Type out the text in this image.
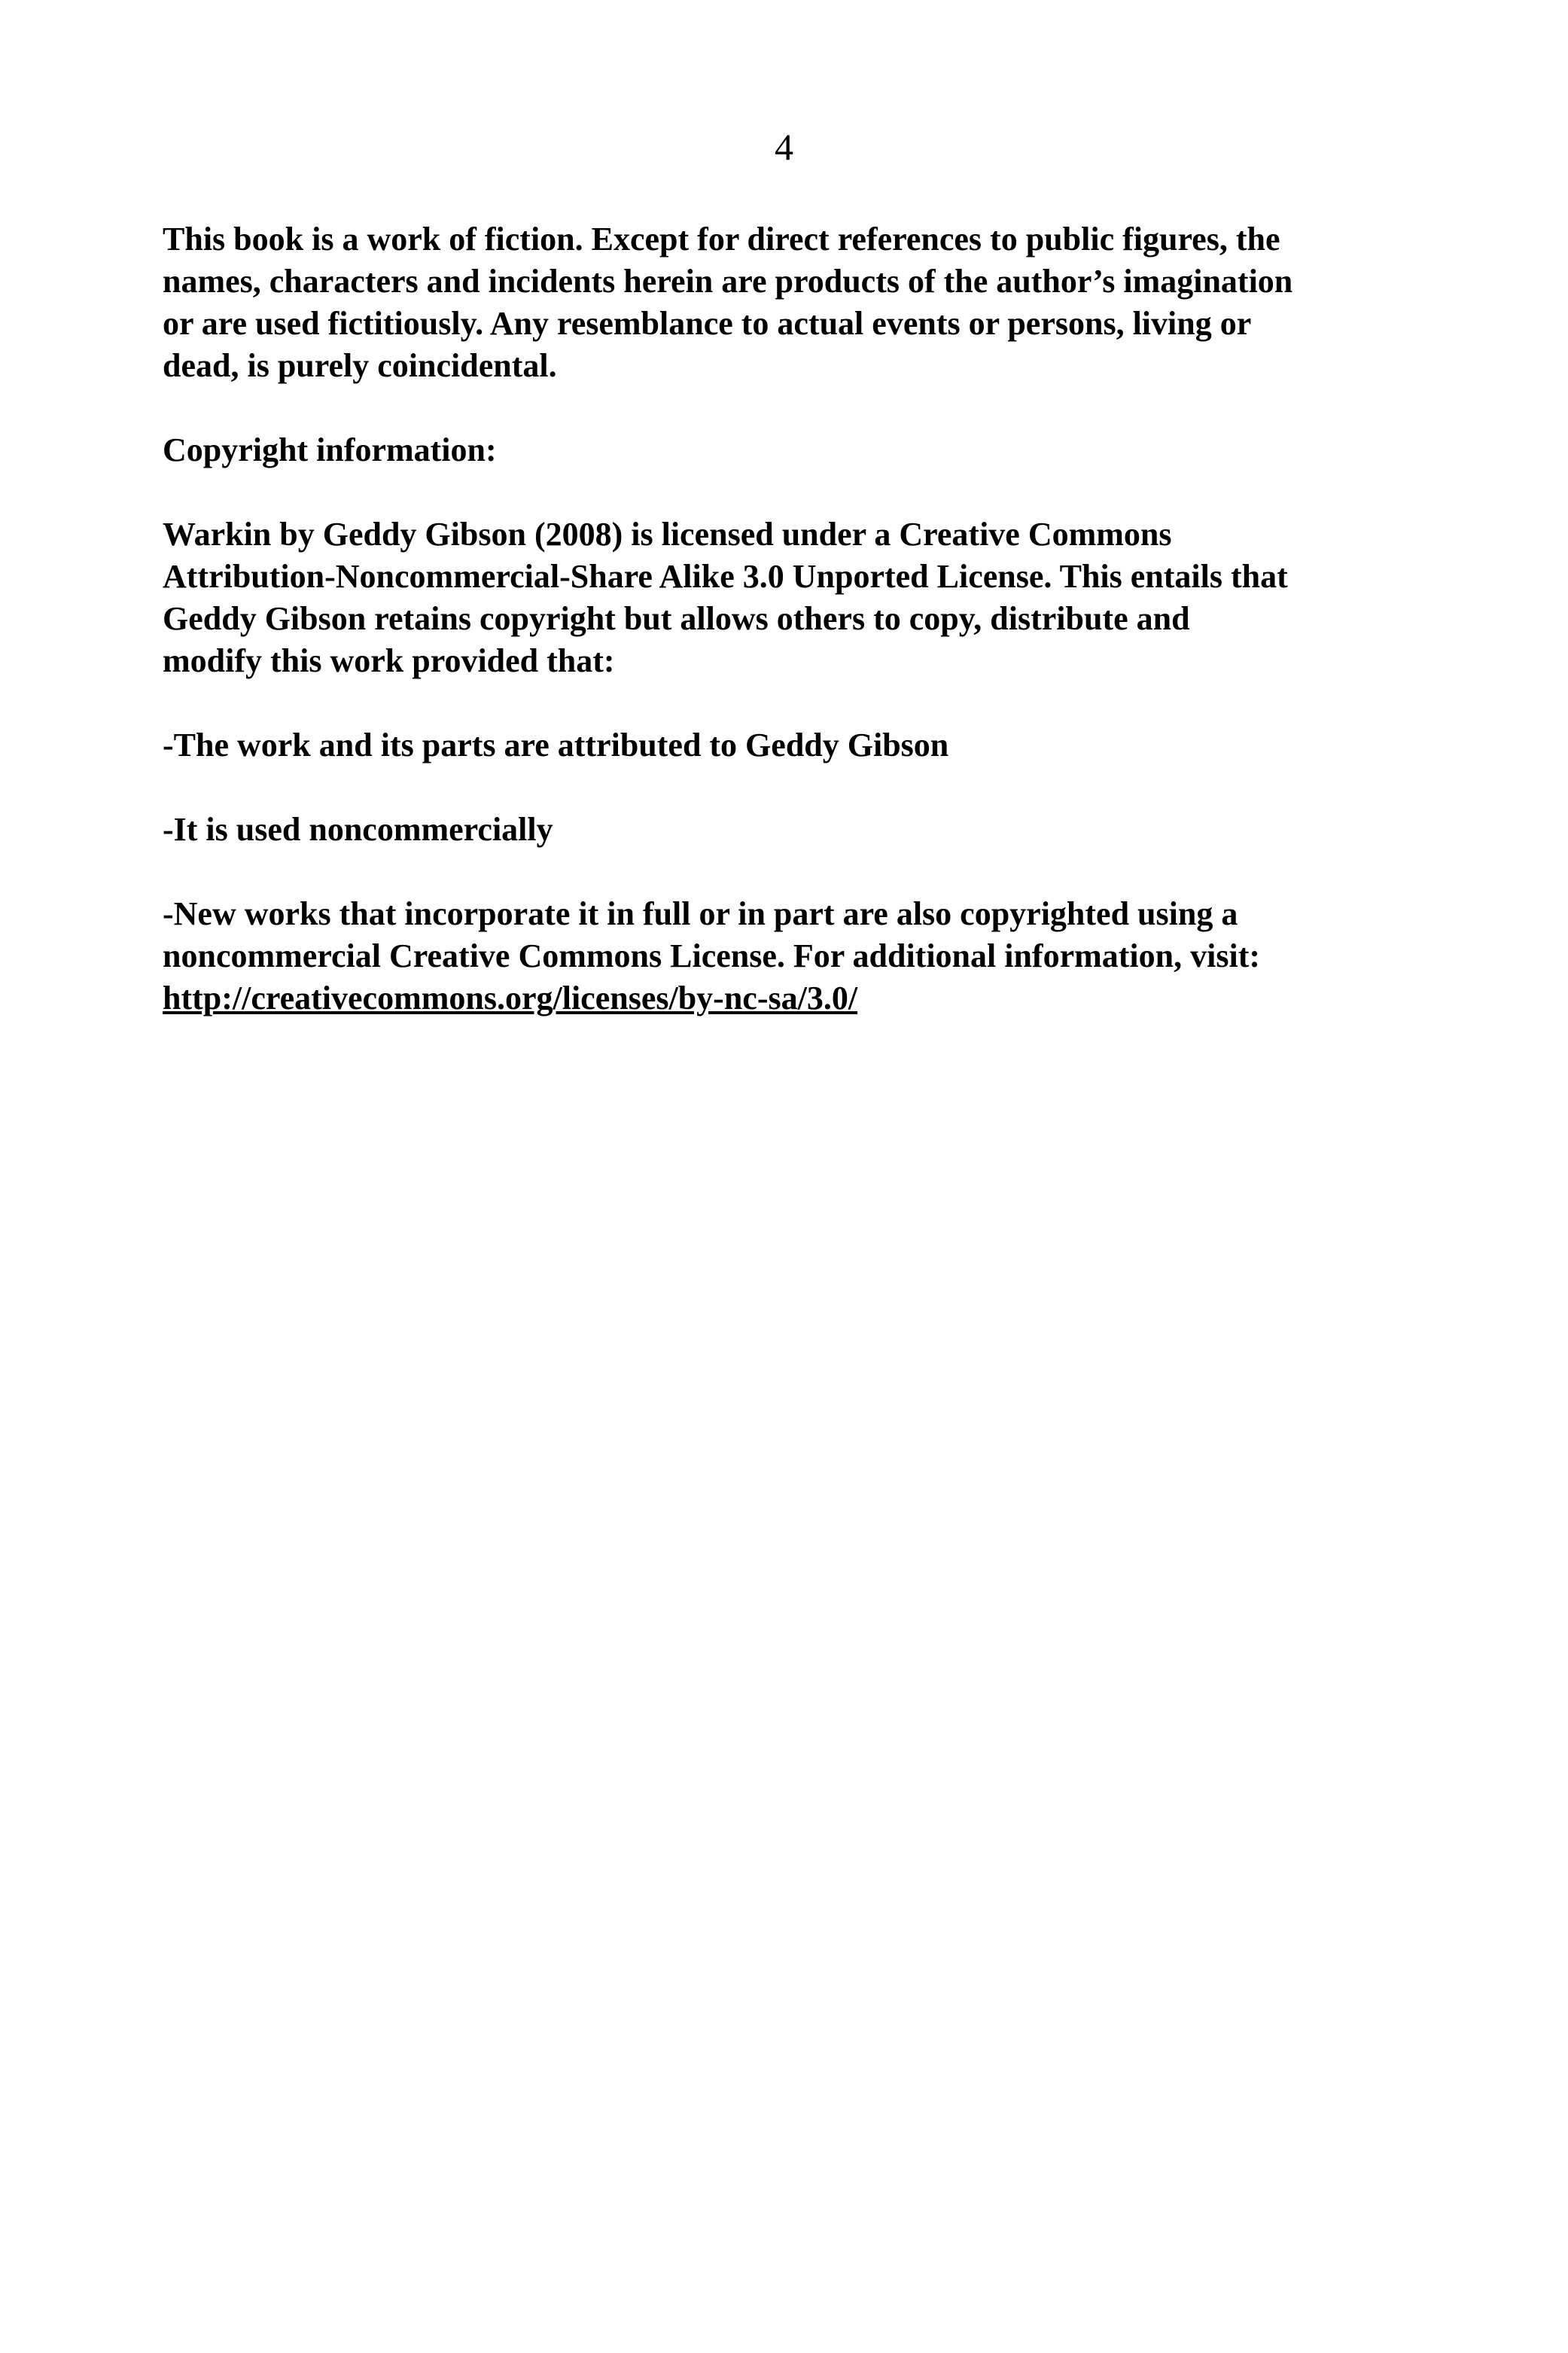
4

This book is a work of fiction. Except for direct references to public figures, the
names, characters and incidents herein are products of the author’s imagination
or are used fictitiously. Any resemblance to actual events or persons, living or
dead, is purely coincidental.

Copyright information:

Warkin by Geddy Gibson (2008) is licensed under a Creative Commons
Attribution-Noncommercial-Share Alike 3.0 Unported License. This entails that
Geddy Gibson retains copyright but allows others to copy, distribute and
modify this work provided that:

-The work and its parts are attributed to Geddy Gibson

-It is used noncommercially

-New works that incorporate it in full or in part are also copyrighted using a
noncommercial Creative Commons License. For additional information, visit:
http://creativecommons.org/licenses/by-nc-sa/3.0/
